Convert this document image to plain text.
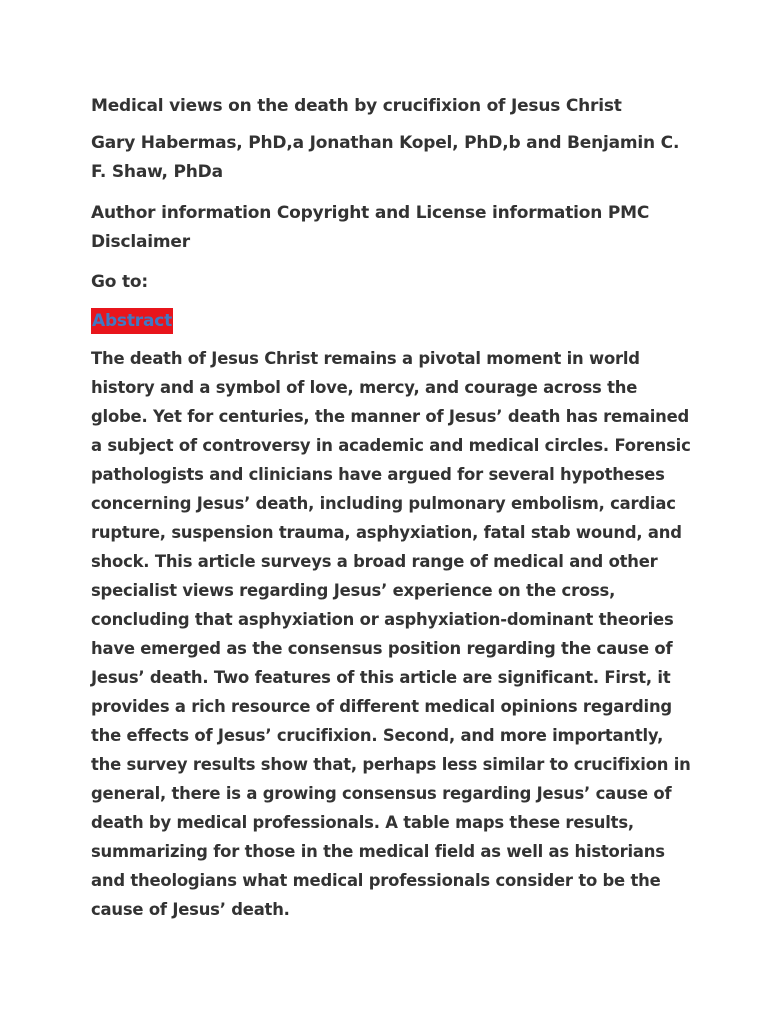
Medical views on the death by crucifixion of Jesus Christ
Gary Habermas, PhD,a Jonathan Kopel, PhD,b and Benjamin C. F. Shaw, PhDa
Author information Copyright and License information PMC Disclaimer
Go to:
Abstract

The death of Jesus Christ remains a pivotal moment in world history and a symbol of love, mercy, and courage across the globe. Yet for centuries, the manner of Jesus’ death has remained a subject of controversy in academic and medical circles. Forensic pathologists and clinicians have argued for several hypotheses concerning Jesus’ death, including pulmonary embolism, cardiac rupture, suspension trauma, asphyxiation, fatal stab wound, and shock. This article surveys a broad range of medical and other specialist views regarding Jesus’ experience on the cross, concluding that asphyxiation or asphyxiation-dominant theories have emerged as the consensus position regarding the cause of Jesus’ death. Two features of this article are significant. First, it provides a rich resource of different medical opinions regarding the effects of Jesus’ crucifixion. Second, and more importantly, the survey results show that, perhaps less similar to crucifixion in general, there is a growing consensus regarding Jesus’ cause of death by medical professionals. A table maps these results, summarizing for those in the medical field as well as historians and theologians what medical professionals consider to be the cause of Jesus’ death.
